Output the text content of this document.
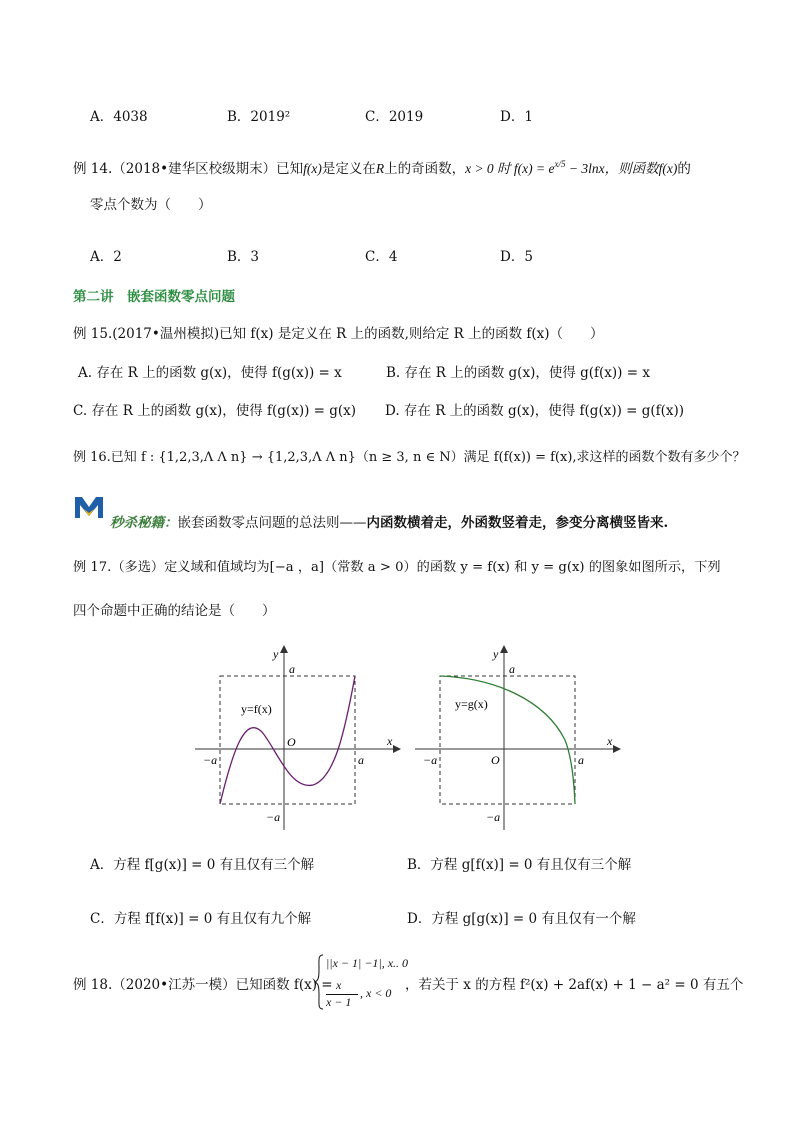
A．4038	B．2019²	C．2019	D．1
例 14.（2018•建华区校级期末）已知f(x)是定义在R上的奇函数，x > 0 时 $f(x) = e^{x/5} - 3\ln x$，则函数f(x)的
零点个数为（　　）
A．2	B．3	C．4	D．5
第二讲　嵌套函数零点问题
例 15.(2017•温州模拟)已知 f(x) 是定义在 R 上的函数,则给定 R 上的函数 f(x)（　　）
A. 存在 R 上的函数 g(x)，使得 f(g(x)) = x	B. 存在 R 上的函数 g(x)，使得 g(f(x)) = x
C. 存在 R 上的函数 g(x)，使得 f(g(x)) = g(x) D. 存在 R 上的函数 g(x)，使得 f(g(x)) = g(f(x))
例 16.已知 f : {1,2,3,Λ Λ n} → {1,2,3,Λ Λ n}（n ≥ 3, n ∈ N）满足 f(f(x)) = f(x),求这样的函数个数有多少个？
秒杀秘籍：嵌套函数零点问题的总法则——内函数横着走，外函数竖着走，参变分离横竖皆来.
例 17.（多选）定义域和值域均为[−a ，a]（常数 a > 0）的函数 y = f(x) 和 y = g(x) 的图象如图所示，下列
四个命题中正确的结论是（　　）
y=f(x)
a
y
x
O
−a	a
−a
y=g(x)
a
y
x
O
−a	a
−a
A．方程 f[g(x)] = 0 有且仅有三个解	B．方程 g[f(x)] = 0 有且仅有三个解
C．方程 f[f(x)] = 0 有且仅有九个解	D．方程 g[g(x)] = 0 有且仅有一个解
例 18.（2020•江苏一模）已知函数 f(x) =
||x − 1| −1|, x.. 0
x
x − 1
, x < 0 ，若关于 x 的方程 f²(x) + 2af(x) + 1 − a² = 0 有五个
